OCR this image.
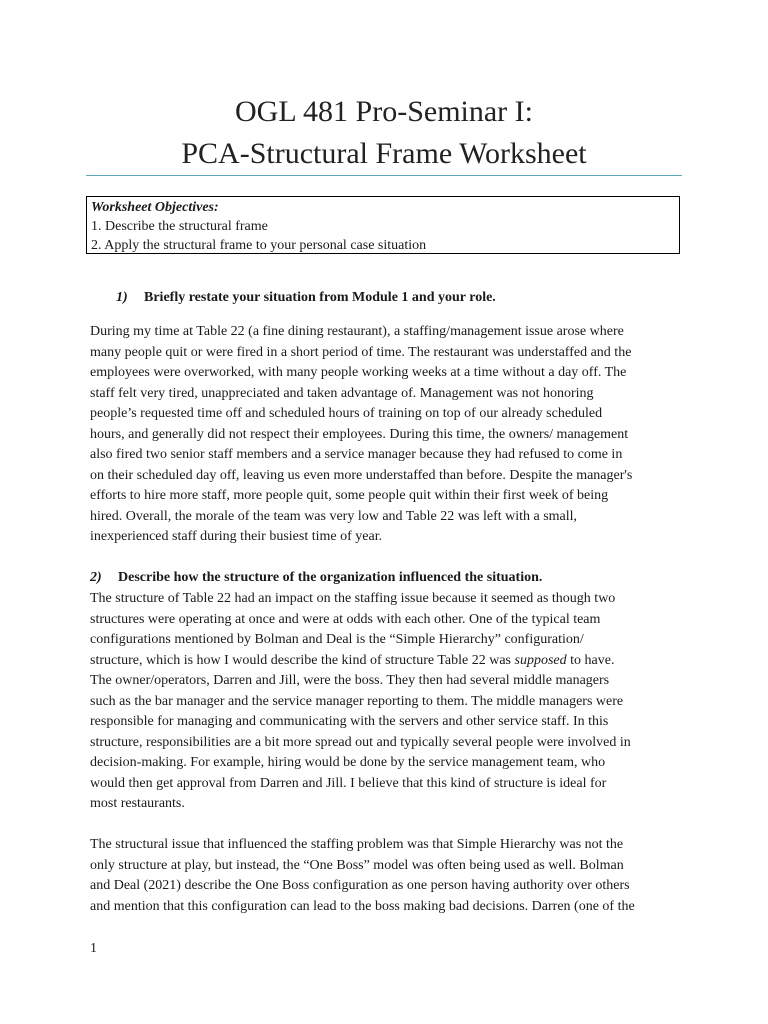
OGL 481 Pro-Seminar I:
PCA-Structural Frame Worksheet
Worksheet Objectives:
1. Describe the structural frame
2. Apply the structural frame to your personal case situation
1) Briefly restate your situation from Module 1 and your role.
During my time at Table 22 (a fine dining restaurant), a staffing/management issue arose where
many people quit or were fired in a short period of time. The restaurant was understaffed and the
employees were overworked, with many people working weeks at a time without a day off. The
staff felt very tired, unappreciated and taken advantage of. Management was not honoring
people’s requested time off and scheduled hours of training on top of our already scheduled
hours, and generally did not respect their employees. During this time, the owners/ management
also fired two senior staff members and a service manager because they had refused to come in
on their scheduled day off, leaving us even more understaffed than before. Despite the manager's
efforts to hire more staff, more people quit, some people quit within their first week of being
hired. Overall, the morale of the team was very low and Table 22 was left with a small,
inexperienced staff during their busiest time of year.
2) Describe how the structure of the organization influenced the situation.
The structure of Table 22 had an impact on the staffing issue because it seemed as though two
structures were operating at once and were at odds with each other. One of the typical team
configurations mentioned by Bolman and Deal is the “Simple Hierarchy” configuration/
structure, which is how I would describe the kind of structure Table 22 was supposed to have.
The owner/operators, Darren and Jill, were the boss. They then had several middle managers
such as the bar manager and the service manager reporting to them. The middle managers were
responsible for managing and communicating with the servers and other service staff. In this
structure, responsibilities are a bit more spread out and typically several people were involved in
decision-making. For example, hiring would be done by the service management team, who
would then get approval from Darren and Jill. I believe that this kind of structure is ideal for
most restaurants.
The structural issue that influenced the staffing problem was that Simple Hierarchy was not the
only structure at play, but instead, the “One Boss” model was often being used as well. Bolman
and Deal (2021) describe the One Boss configuration as one person having authority over others
and mention that this configuration can lead to the boss making bad decisions. Darren (one of the
1
